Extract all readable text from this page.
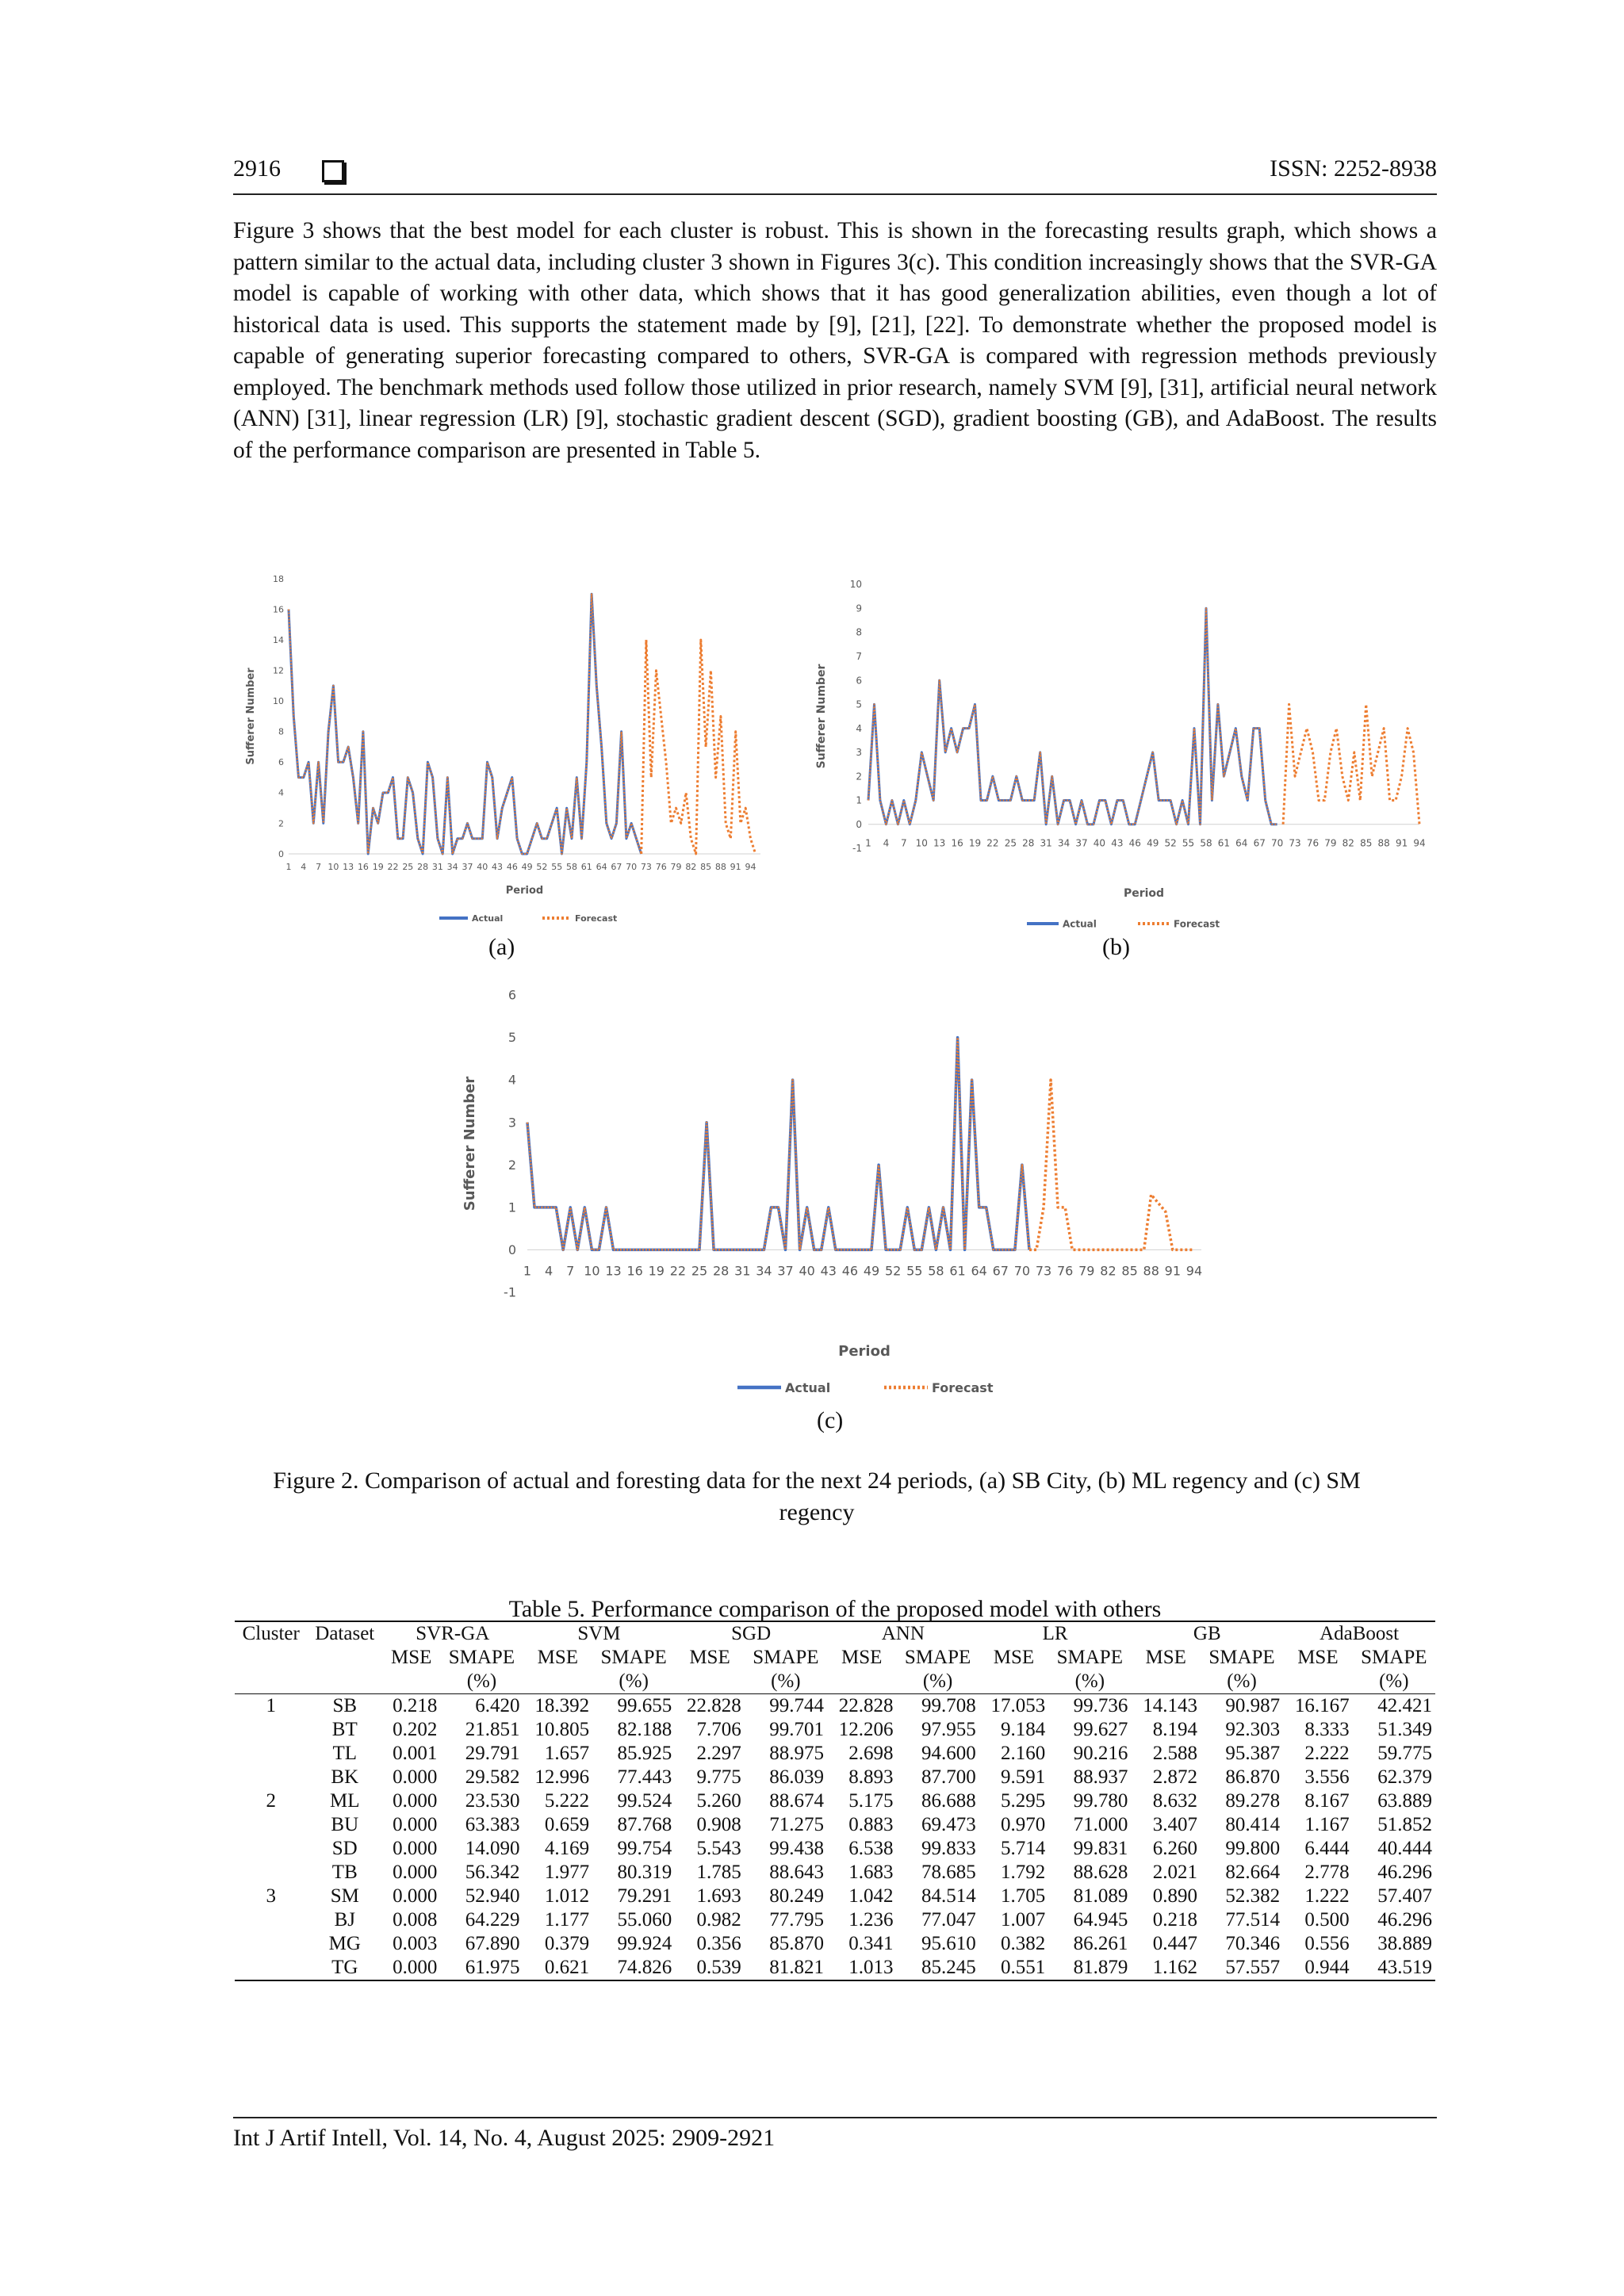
2916	ISSN: 2252-8938

Figure 3 shows that the best model for each cluster is robust. This is shown in the forecasting results graph, which shows a pattern similar to the actual data, including cluster 3 shown in Figures 3(c). This condition increasingly shows that the SVR-GA model is capable of working with other data, which shows that it has good generalization abilities, even though a lot of historical data is used. This supports the statement made by [9], [21], [22]. To demonstrate whether the proposed model is capable of generating superior forecasting compared to others, SVR-GA is compared with regression methods previously employed. The benchmark methods used follow those utilized in prior research, namely SVM [9], [31], artificial neural network (ANN) [31], linear regression (LR) [9], stochastic gradient descent (SGD), gradient boosting (GB), and AdaBoost. The results of the performance comparison are presented in Table 5.

0
2
4
6
8
10
12
14
16
18
1 4 7 10 13 16 19 22 25 28 31 34 37 40 43 46 49 52 55 58 61 64 67 70 73 76 79 82 85 88 91 94
Period
Sufferer Number
Actual	Forecast
(a)
-1
0
1
2
3
4
5
6
7
8
9
10
1 4 7 10 13 16 19 22 25 28 31 34 37 40 43 46 49 52 55 58 61 64 67 70 73 76 79 82 85 88 91 94
Period
Sufferer Number
Actual	Forecast
(b)
-1
0
1
2
3
4
5
6
1 4 7 10 13 16 19 22 25 28 31 34 37 40 43 46 49 52 55 58 61 64 67 70 73 76 79 82 85 88 91 94
Period
Sufferer Number
Actual	Forecast
(c)
Figure 2. Comparison of actual and foresting data for the next 24 periods, (a) SB City, (b) ML regency and (c) SM regency
Table 5. Performance comparison of the proposed model with others
Cluster	Dataset	SVR-GA		SVM		SGD		ANN		LR		GB		AdaBoost	
		MSE	SMAPE	MSE	SMAPE	MSE	SMAPE	MSE	SMAPE	MSE	SMAPE	MSE	SMAPE	MSE	SMAPE
			(%)		(%)		(%)		(%)		(%)		(%)		(%)
1	SB	0.218	6.420	18.392	99.655	22.828	99.744	22.828	99.708	17.053	99.736	14.143	90.987	16.167	42.421
	BT	0.202	21.851	10.805	82.188	7.706	99.701	12.206	97.955	9.184	99.627	8.194	92.303	8.333	51.349
	TL	0.001	29.791	1.657	85.925	2.297	88.975	2.698	94.600	2.160	90.216	2.588	95.387	2.222	59.775
	BK	0.000	29.582	12.996	77.443	9.775	86.039	8.893	87.700	9.591	88.937	2.872	86.870	3.556	62.379
2	ML	0.000	23.530	5.222	99.524	5.260	88.674	5.175	86.688	5.295	99.780	8.632	89.278	8.167	63.889
	BU	0.000	63.383	0.659	87.768	0.908	71.275	0.883	69.473	0.970	71.000	3.407	80.414	1.167	51.852
	SD	0.000	14.090	4.169	99.754	5.543	99.438	6.538	99.833	5.714	99.831	6.260	99.800	6.444	40.444
	TB	0.000	56.342	1.977	80.319	1.785	88.643	1.683	78.685	1.792	88.628	2.021	82.664	2.778	46.296
3	SM	0.000	52.940	1.012	79.291	1.693	80.249	1.042	84.514	1.705	81.089	0.890	52.382	1.222	57.407
	BJ	0.008	64.229	1.177	55.060	0.982	77.795	1.236	77.047	1.007	64.945	0.218	77.514	0.500	46.296
	MG	0.003	67.890	0.379	99.924	0.356	85.870	0.341	95.610	0.382	86.261	0.447	70.346	0.556	38.889
	TG	0.000	61.975	0.621	74.826	0.539	81.821	1.013	85.245	0.551	81.879	1.162	57.557	0.944	43.519
Int J Artif Intell, Vol. 14, No. 4, August 2025: 2909-2921
